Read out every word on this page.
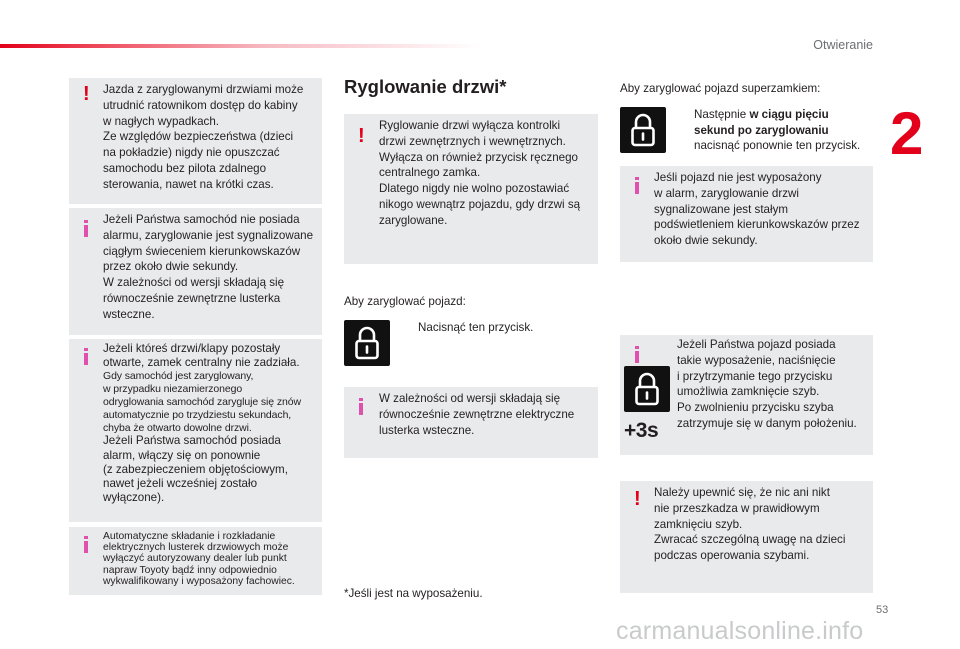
Otwieranie
2
! Jazda z zaryglowanymi drzwiami może

utrudnić ratownikom dostęp do kabiny

w nagłych wypadkach.

Ze względów bezpieczeństwa (dzieci

na pokładzie) nigdy nie opuszczać

samochodu bez pilota zdalnego

sterowania, nawet na krótki czas.

Jeżeli Państwa samochód nie posiada

alarmu, zaryglowanie jest sygnalizowane

ciągłym świeceniem kierunkowskazów

przez około dwie sekundy.

W zależności od wersji składają się

równocześnie zewnętrzne lusterka

wsteczne.

Jeżeli któreś drzwi/klapy pozostały

otwarte, zamek centralny nie zadziała.

Gdy samochód jest zaryglowany,

w przypadku niezamierzonego

odryglowania samochód zarygluje się znów

automatycznie po trzydziestu sekundach,

chyba że otwarto dowolne drzwi.

Jeżeli Państwa samochód posiada

alarm, włączy się on ponownie

(z zabezpieczeniem objętościowym,

nawet jeżeli wcześniej zostało

wyłączone).

Automatyczne składanie i rozkładanie

elektrycznych lusterek drzwiowych może

wyłączyć autoryzowany dealer lub punkt

napraw Toyoty bądź inny odpowiednio

wykwalifikowany i wyposażony fachowiec.

Ryglowanie drzwi*
! Ryglowanie drzwi wyłącza kontrolki

drzwi zewnętrznych i wewnętrznych.

Wyłącza on również przycisk ręcznego

centralnego zamka.

Dlatego nigdy nie wolno pozostawiać

nikogo wewnątrz pojazdu, gdy drzwi są

zaryglowane.

Aby zaryglować pojazd:
Nacisnąć ten przycisk.

W zależności od wersji składają się

równocześnie zewnętrzne elektryczne

lusterka wsteczne.

*Jeśli jest na wyposażeniu.
Aby zaryglować pojazd superzamkiem:
Następnie w ciągu pięciu
sekund po zaryglowaniu
nacisnąć ponownie ten przycisk.

Jeśli pojazd nie jest wyposażony

w alarm, zaryglowanie drzwi

sygnalizowane jest stałym

podświetleniem kierunkowskazów przez

około dwie sekundy.

+3s

Jeżeli Państwa pojazd posiada

takie wyposażenie, naciśnięcie

i przytrzymanie tego przycisku

umożliwia zamknięcie szyb.

Po zwolnieniu przycisku szyba

zatrzymuje się w danym położeniu.

! Należy upewnić się, że nic ani nikt

nie przeszkadza w prawidłowym

zamknięciu szyb.

Zwracać szczególną uwagę na dzieci

podczas operowania szybami.

53
carmanualsonline.info
